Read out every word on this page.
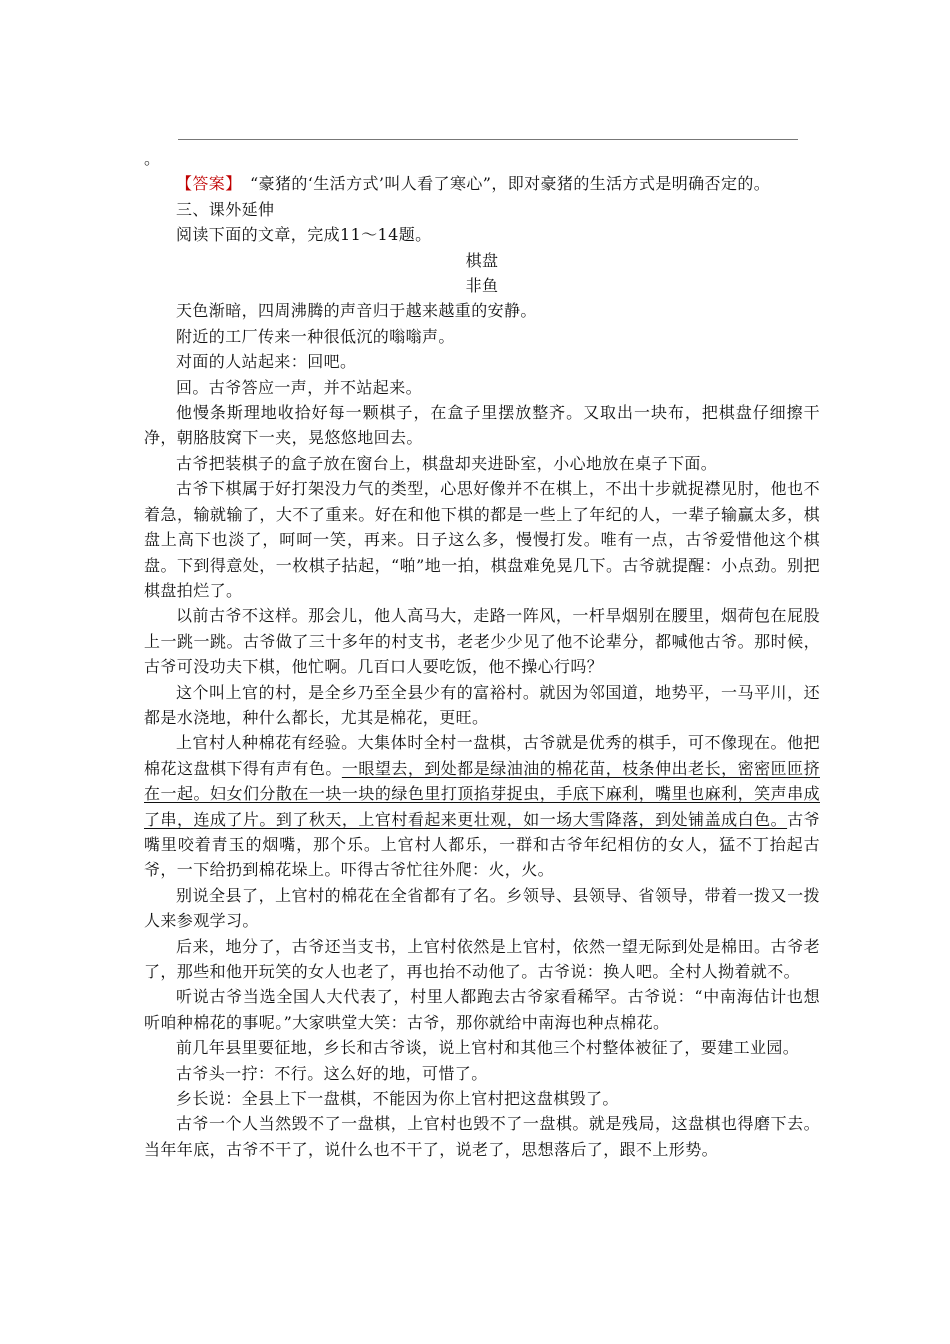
。

【答案】　“豪猪的‘生活方式’叫人看了寒心”，即对豪猪的生活方式是明确否定的。

三、课外延伸

阅读下面的文章，完成11～14题。

棋盘

非鱼

天色渐暗，四周沸腾的声音归于越来越重的安静。

附近的工厂传来一种很低沉的嗡嗡声。

对面的人站起来：回吧。

回。古爷答应一声，并不站起来。

他慢条斯理地收拾好每一颗棋子，在盒子里摆放整齐。又取出一块布，把棋盘仔细擦干净，朝胳肢窝下一夹，晃悠悠地回去。

古爷把装棋子的盒子放在窗台上，棋盘却夹进卧室，小心地放在桌子下面。

古爷下棋属于好打架没力气的类型，心思好像并不在棋上，不出十步就捉襟见肘，他也不着急，输就输了，大不了重来。好在和他下棋的都是一些上了年纪的人，一辈子输赢太多，棋盘上高下也淡了，呵呵一笑，再来。日子这么多，慢慢打发。唯有一点，古爷爱惜他这个棋盘。下到得意处，一枚棋子拈起，“啪”地一拍，棋盘难免晃几下。古爷就提醒：小点劲。别把棋盘拍烂了。

以前古爷不这样。那会儿，他人高马大，走路一阵风，一杆旱烟别在腰里，烟荷包在屁股上一跳一跳。古爷做了三十多年的村支书，老老少少见了他不论辈分，都喊他古爷。那时候，古爷可没功夫下棋，他忙啊。几百口人要吃饭，他不操心行吗？

这个叫上官的村，是全乡乃至全县少有的富裕村。就因为邻国道，地势平，一马平川，还都是水浇地，种什么都长，尤其是棉花，更旺。

上官村人种棉花有经验。大集体时全村一盘棋，古爷就是优秀的棋手，可不像现在。他把棉花这盘棋下得有声有色。一眼望去，到处都是绿油油的棉花苗，枝条伸出老长，密密匝匝挤在一起。妇女们分散在一块一块的绿色里打顶掐芽捉虫，手底下麻利，嘴里也麻利，笑声串成了串，连成了片。到了秋天，上官村看起来更壮观，如一场大雪降落，到处铺盖成白色。古爷嘴里咬着青玉的烟嘴，那个乐。上官村人都乐，一群和古爷年纪相仿的女人，猛不丁抬起古爷，一下给扔到棉花垛上。吓得古爷忙往外爬：火，火。

别说全县了，上官村的棉花在全省都有了名。乡领导、县领导、省领导，带着一拨又一拨人来参观学习。

后来，地分了，古爷还当支书，上官村依然是上官村，依然一望无际到处是棉田。古爷老了，那些和他开玩笑的女人也老了，再也抬不动他了。古爷说：换人吧。全村人拗着就不。

听说古爷当选全国人大代表了，村里人都跑去古爷家看稀罕。古爷说：“中南海估计也想听咱种棉花的事呢。”大家哄堂大笑：古爷，那你就给中南海也种点棉花。

前几年县里要征地，乡长和古爷谈，说上官村和其他三个村整体被征了，要建工业园。

古爷头一拧：不行。这么好的地，可惜了。

乡长说：全县上下一盘棋，不能因为你上官村把这盘棋毁了。

古爷一个人当然毁不了一盘棋，上官村也毁不了一盘棋。就是残局，这盘棋也得磨下去。当年年底，古爷不干了，说什么也不干了，说老了，思想落后了，跟不上形势。
